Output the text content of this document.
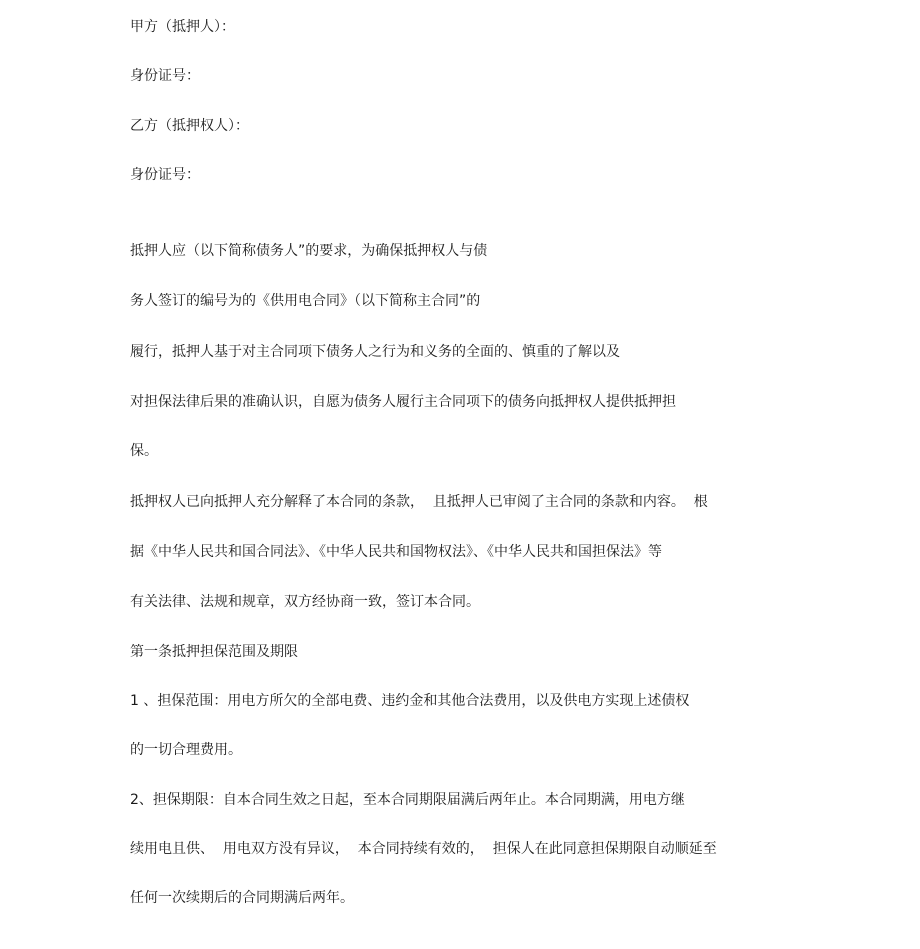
甲方（抵押人）：

身份证号：

乙方（抵押权人）：

身份证号：

抵押人应（以下简称债务人”的要求，为确保抵押权人与债

务人签订的编号为的《供用电合同》（以下简称主合同”的

履行，抵押人基于对主合同项下债务人之行为和义务的全面的、慎重的了解以及

对担保法律后果的准确认识，自愿为债务人履行主合同项下的债务向抵押权人提供抵押担

保。

抵押权人已向抵押人充分解释了本合同的条款，  且抵押人已审阅了主合同的条款和内容。  根

据《中华人民共和国合同法》、《中华人民共和国物权法》、《中华人民共和国担保法》等

有关法律、法规和规章，双方经协商一致，签订本合同。

第一条抵押担保范围及期限

1 、担保范围：用电方所欠的全部电费、违约金和其他合法费用，以及供电方实现上述债权

的一切合理费用。

2、担保期限：自本合同生效之日起，至本合同期限届满后两年止。本合同期满，用电方继

续用电且供、  用电双方没有异议，  本合同持续有效的，  担保人在此同意担保期限自动顺延至

任何一次续期后的合同期满后两年。
